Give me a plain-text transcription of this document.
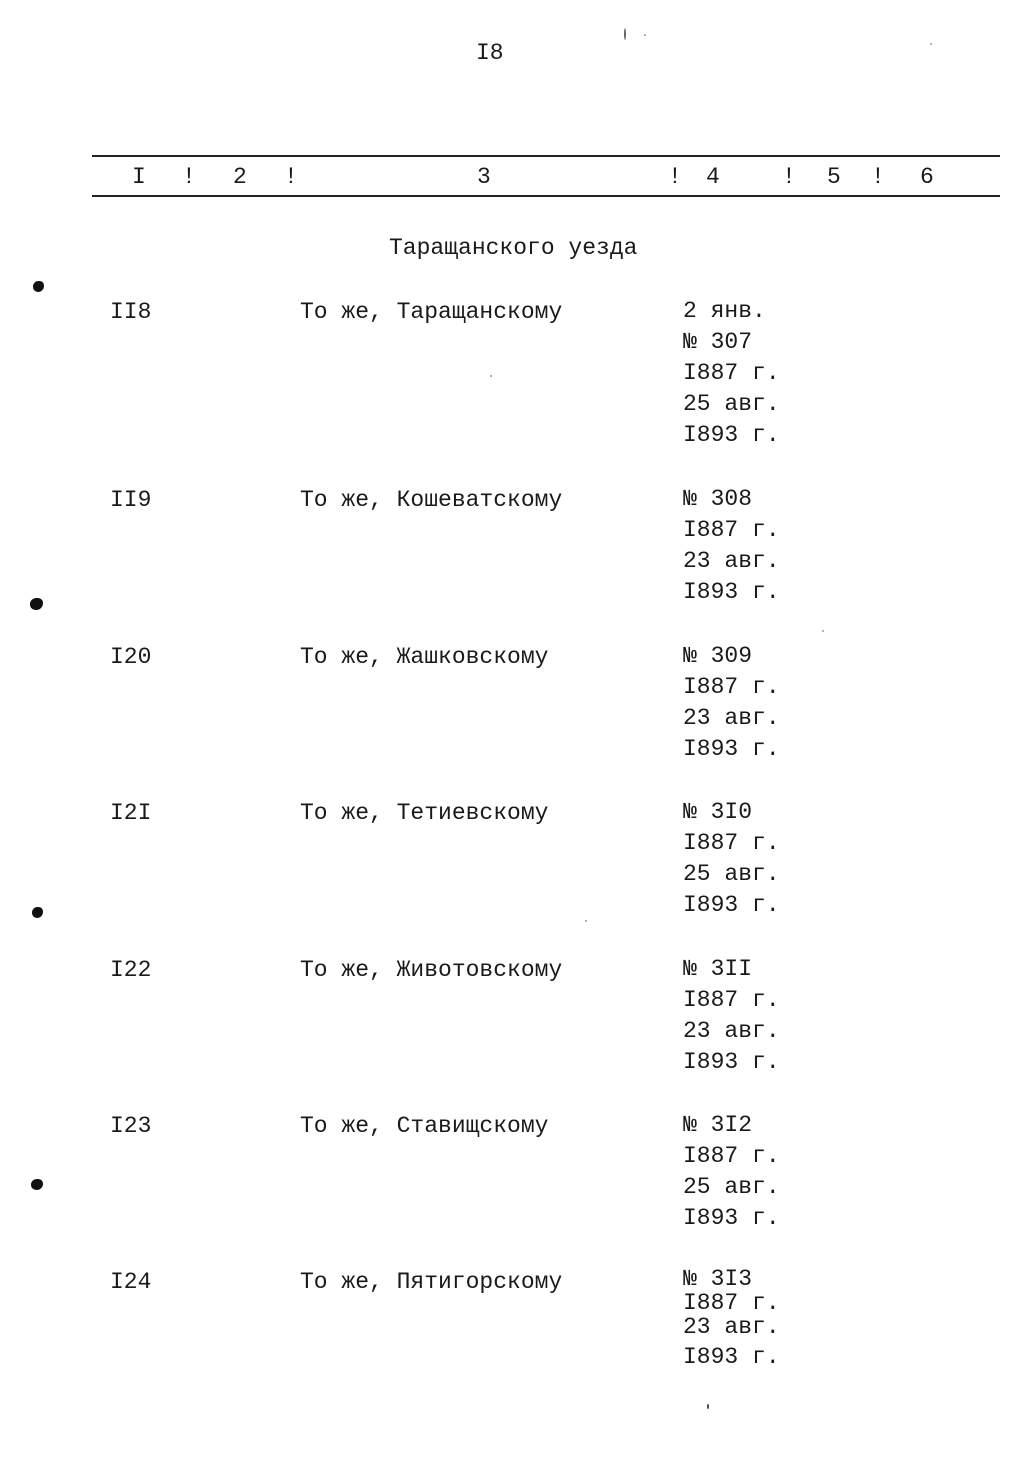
I8
I ! 2 !	3	! 4	! 5 ! 6
Таращанского уезда
II8	То же, Таращанскому	2 янв.
№ 307
I887 г.
25 авг.
I893 г.
II9	То же, Кошеватскому	№ 308
I887 г.
23 авг.
I893 г.
I20	То же, Жашковскому	№ 309
I887 г.
23 авг.
I893 г.
I2I	То же, Тетиевскому	№ 3I0
I887 г.
25 авг.
I893 г.
I22	То же, Животовскому	№ 3II
I887 г.
23 авг.
I893 г.
I23	То же, Ставищскому	№ 3I2
I887 г.
25 авг.
I893 г.
I24	То же, Пятигорскому	№ 3I3
I887 г.
23 авг.
I893 г.
